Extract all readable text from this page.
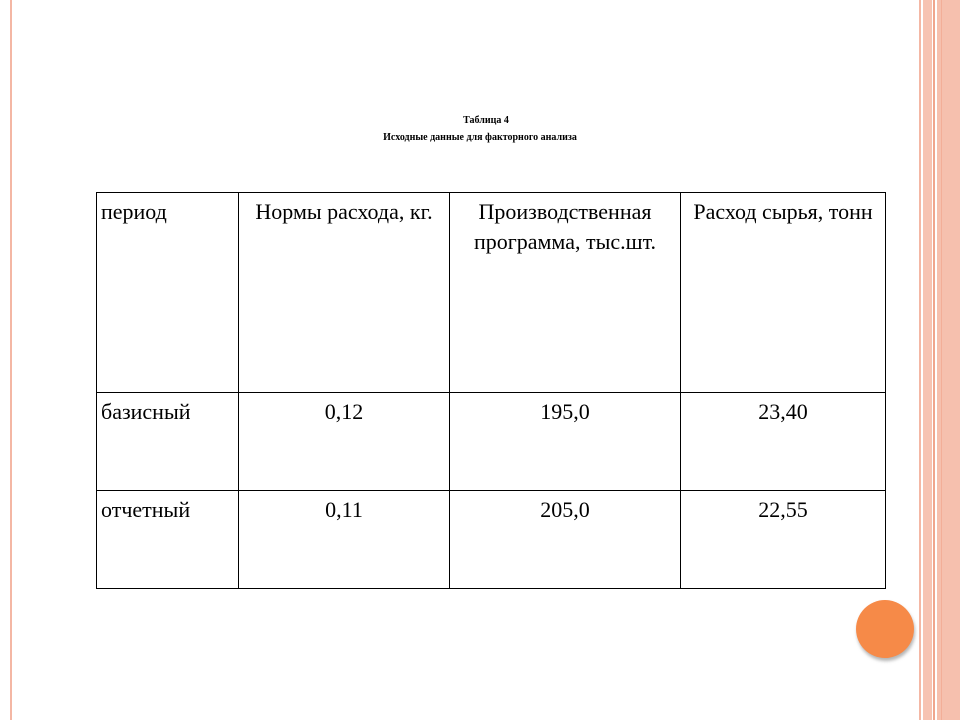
Таблица 4
Исходные данные для факторного анализа
период	Нормы расхода, кг.	Производственная программа, тыс.шт.	Расход сырья, тонн
базисный	0,12	195,0	23,40
отчетный	0,11	205,0	22,55
